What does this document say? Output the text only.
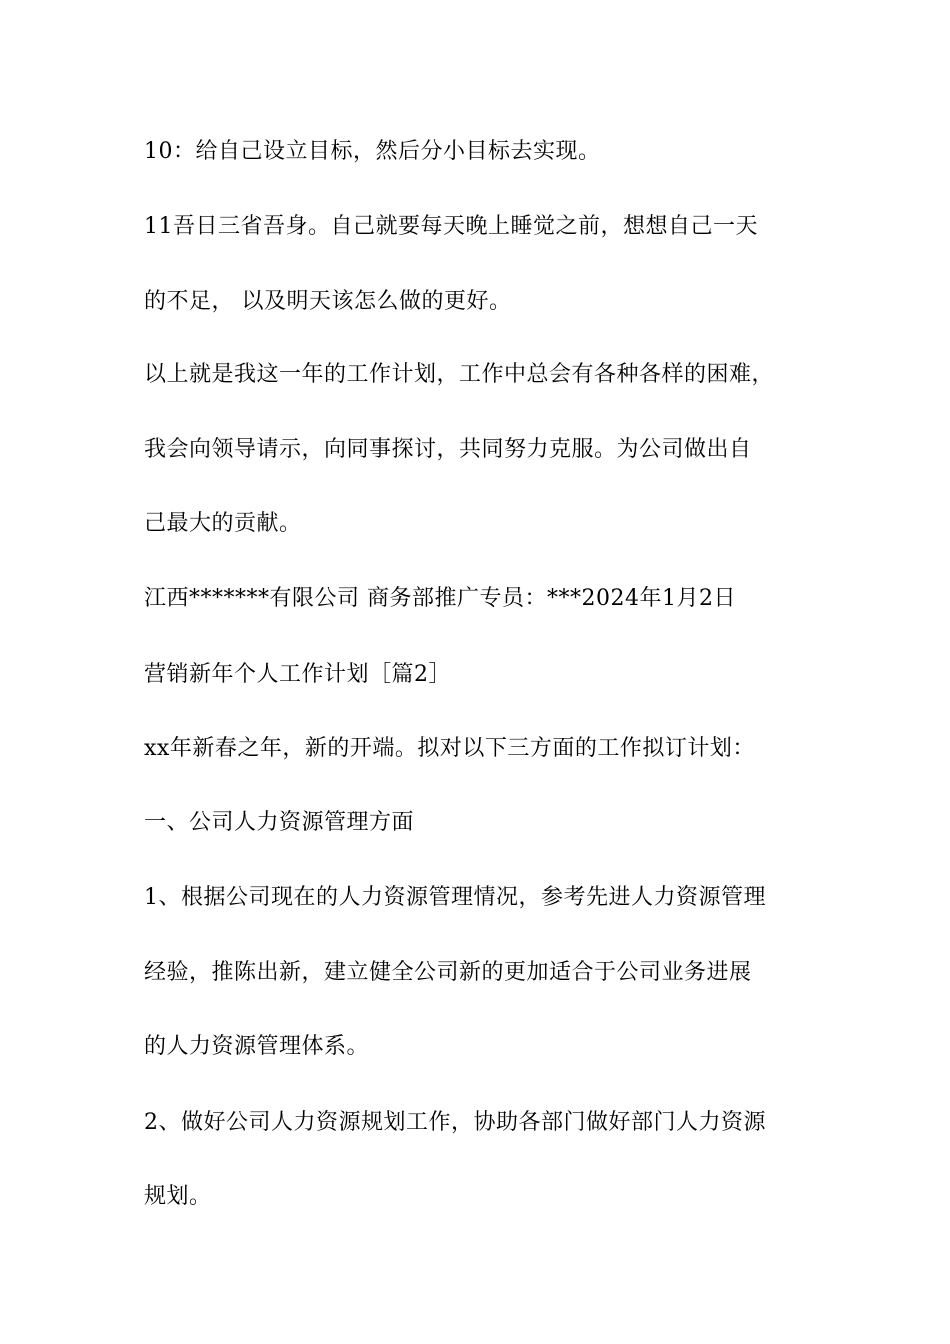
10：给自己设立目标，然后分小目标去实现。
11吾日三省吾身。自己就要每天晚上睡觉之前，想想自己一天
的不足， 以及明天该怎么做的更好。
以上就是我这一年的工作计划，工作中总会有各种各样的困难，
我会向领导请示，向同事探讨，共同努力克服。为公司做出自
己最大的贡献。
江西*******有限公司 商务部推广专员：***2024年1月2日
营销新年个人工作计划［篇2］
xx年新春之年，新的开端。拟对以下三方面的工作拟订计划：
一、公司人力资源管理方面
1、根据公司现在的人力资源管理情况，参考先进人力资源管理
经验，推陈出新，建立健全公司新的更加适合于公司业务进展
的人力资源管理体系。
2、做好公司人力资源规划工作，协助各部门做好部门人力资源
规划。
